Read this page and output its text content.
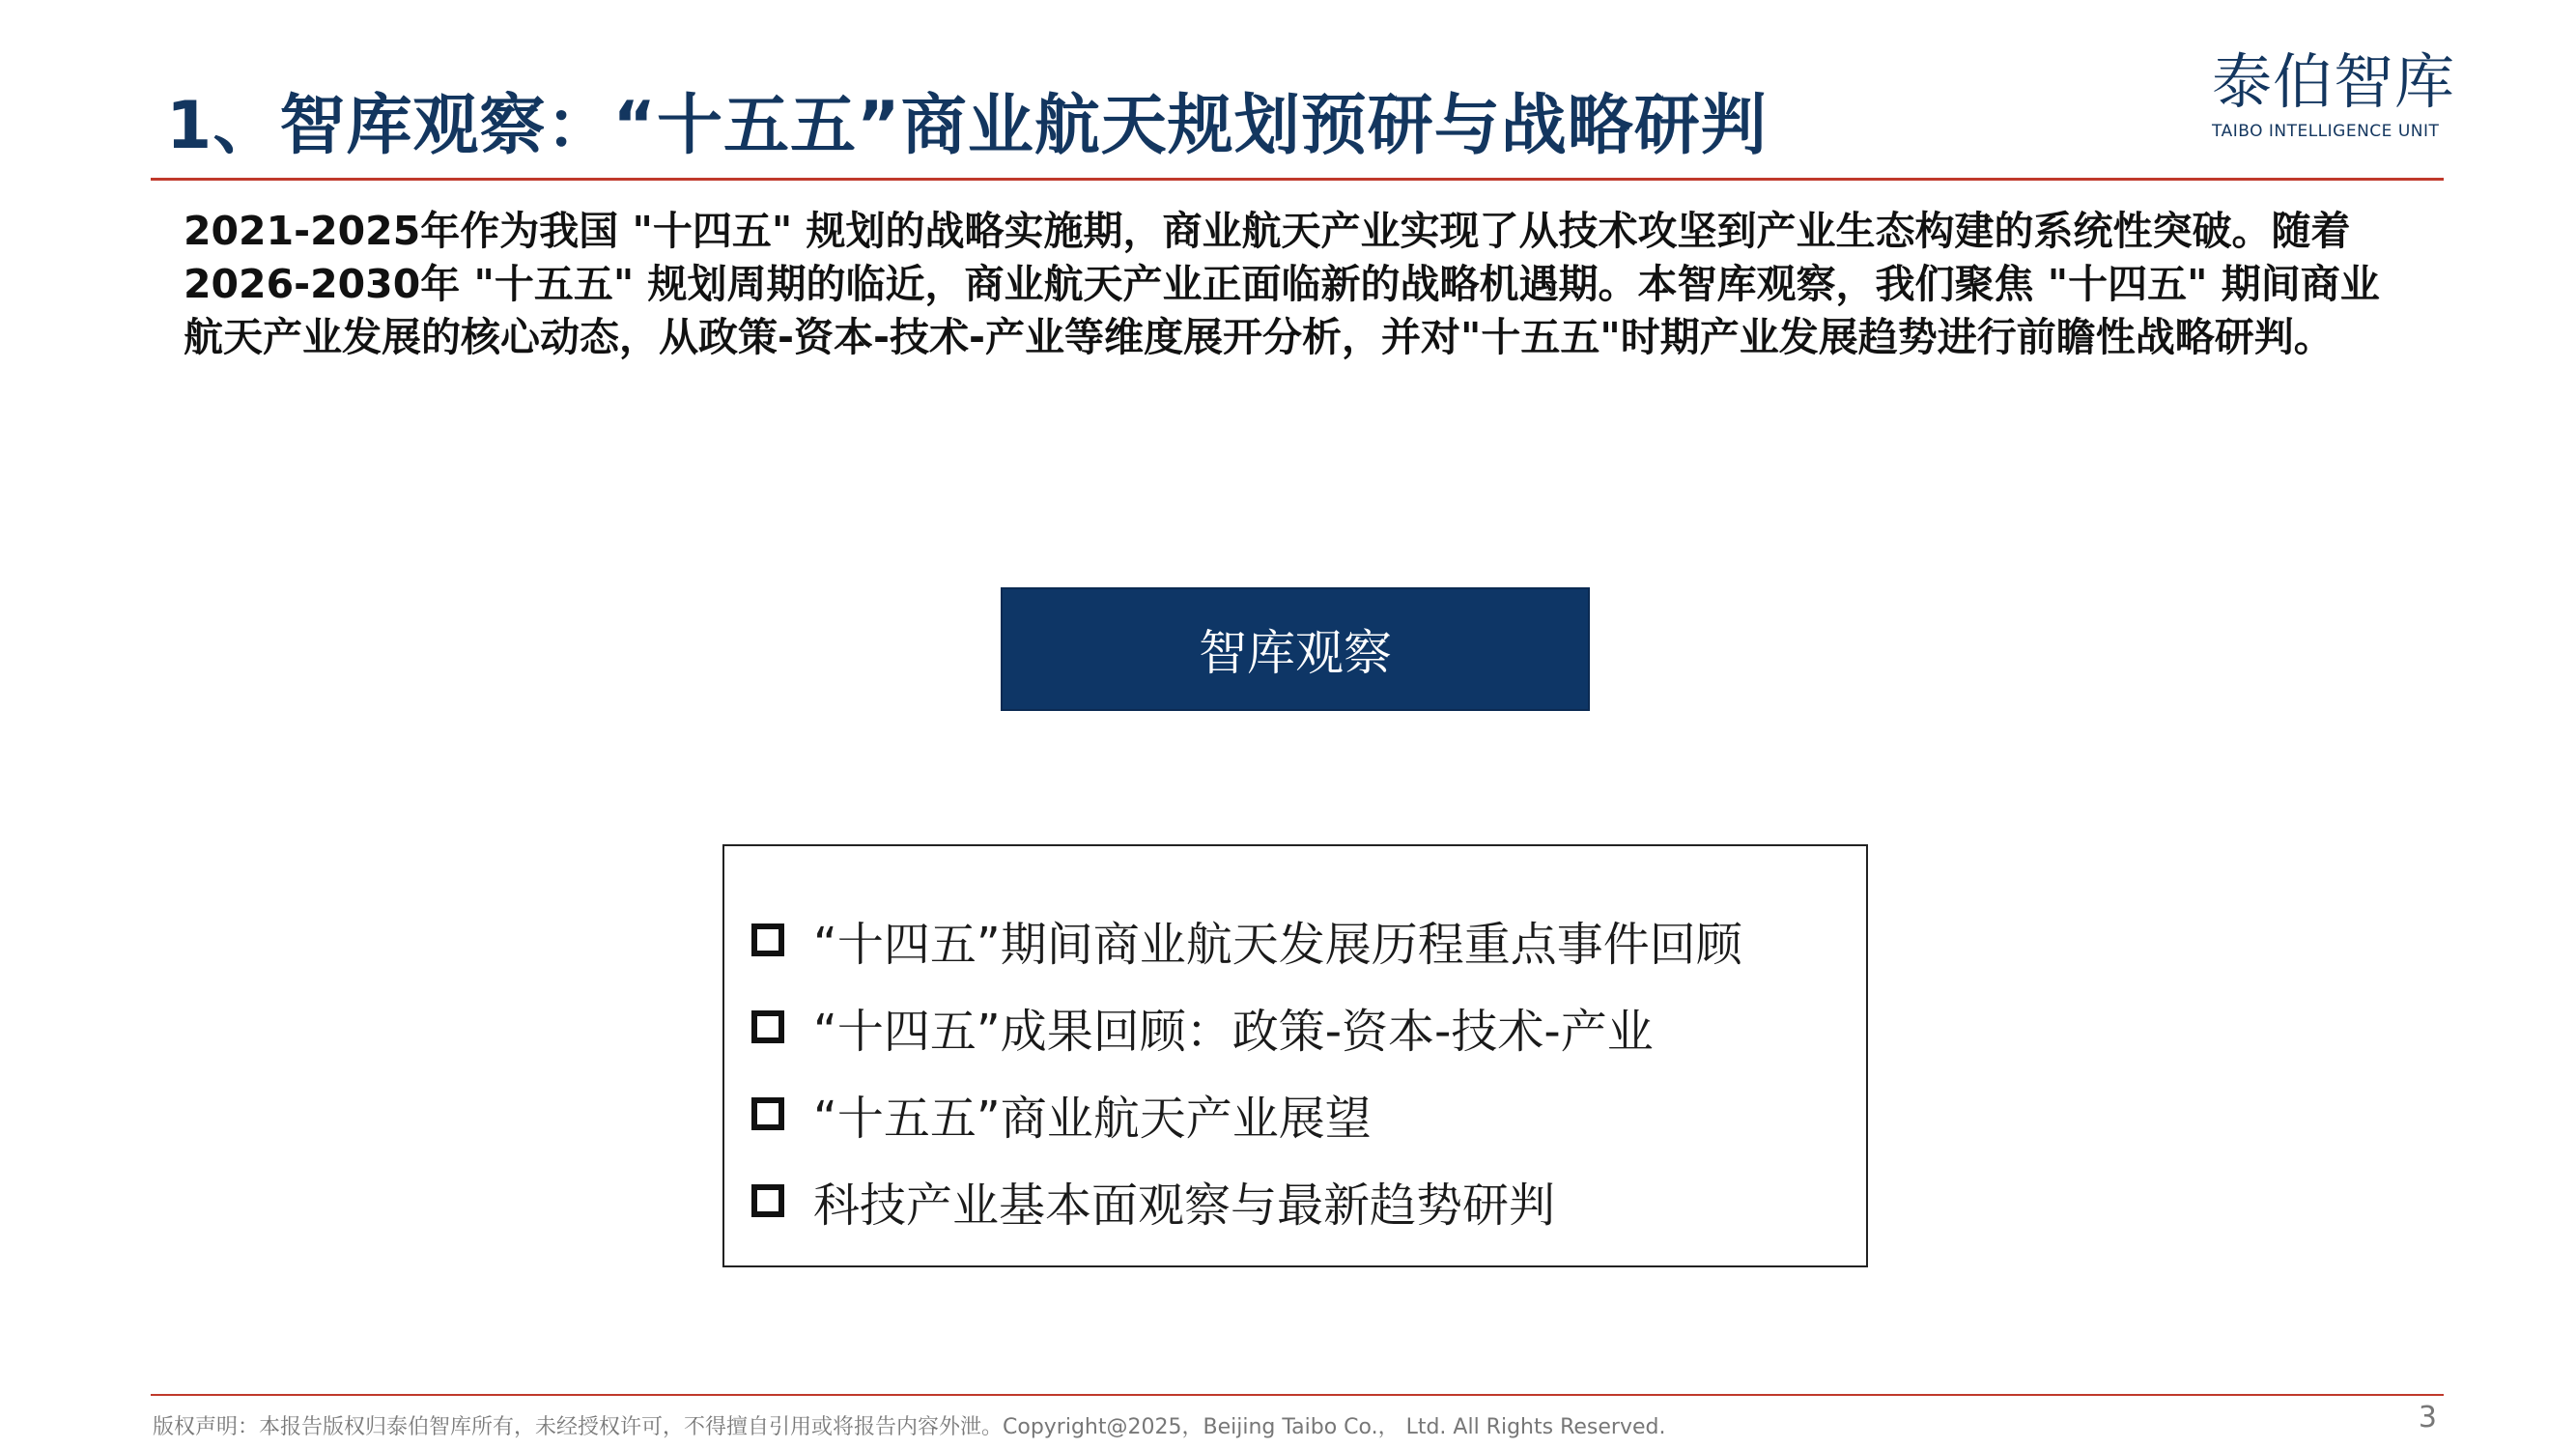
1、智库观察：“十五五”商业航天规划预研与战略研判
泰伯智库
TAIBO INTELLIGENCE UNIT
2021-2025年作为我国 "十四五" 规划的战略实施期，商业航天产业实现了从技术攻坚到产业生态构建的系统性突破。随着2026-2030年 "十五五" 规划周期的临近，商业航天产业正面临新的战略机遇期。本智库观察，我们聚焦 "十四五" 期间商业航天产业发展的核心动态，从政策-资本-技术-产业等维度展开分析，并对"十五五"时期产业发展趋势进行前瞻性战略研判。
智库观察
“十四五”期间商业航天发展历程重点事件回顾
“十四五”成果回顾：政策-资本-技术-产业
“十五五”商业航天产业展望
科技产业基本面观察与最新趋势研判
版权声明：本报告版权归泰伯智库所有，未经授权许可，不得擅自引用或将报告内容外泄。Copyright@2025，Beijing Taibo Co.， Ltd. All Rights Reserved.	3
